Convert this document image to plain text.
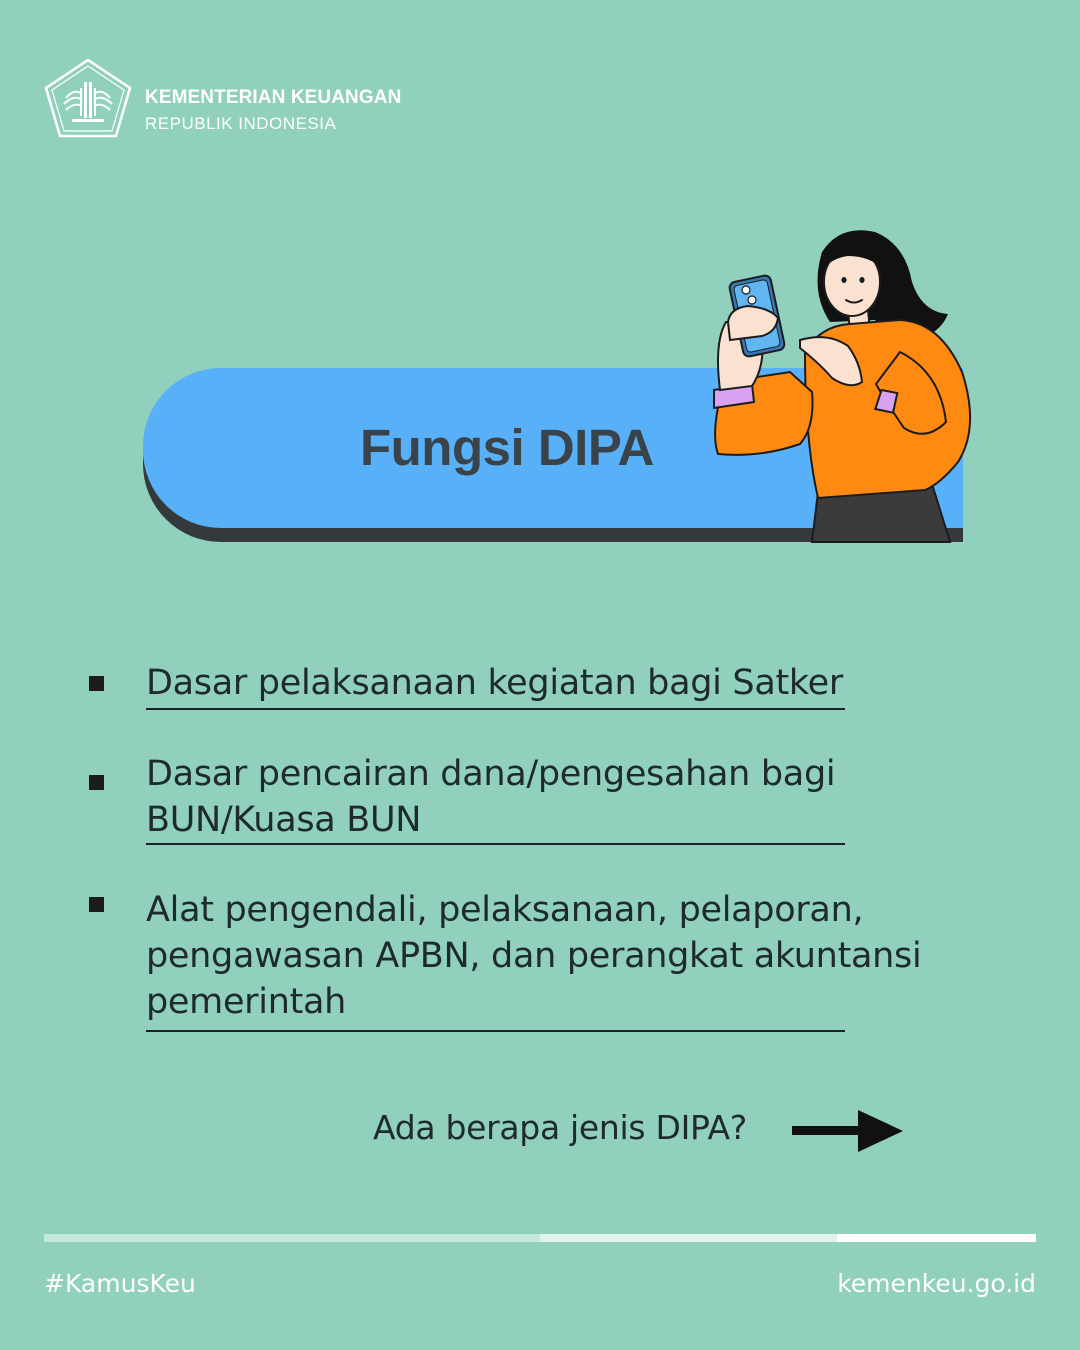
KEMENTERIAN KEUANGAN
REPUBLIK INDONESIA
Fungsi DIPA
Dasar pelaksanaan kegiatan bagi Satker
Dasar pencairan dana/pengesahan bagi BUN/Kuasa BUN
Alat pengendali, pelaksanaan, pelaporan, pengawasan APBN, dan perangkat akuntansi pemerintah
Ada berapa jenis DIPA?
#KamusKeu	kemenkeu.go.id
